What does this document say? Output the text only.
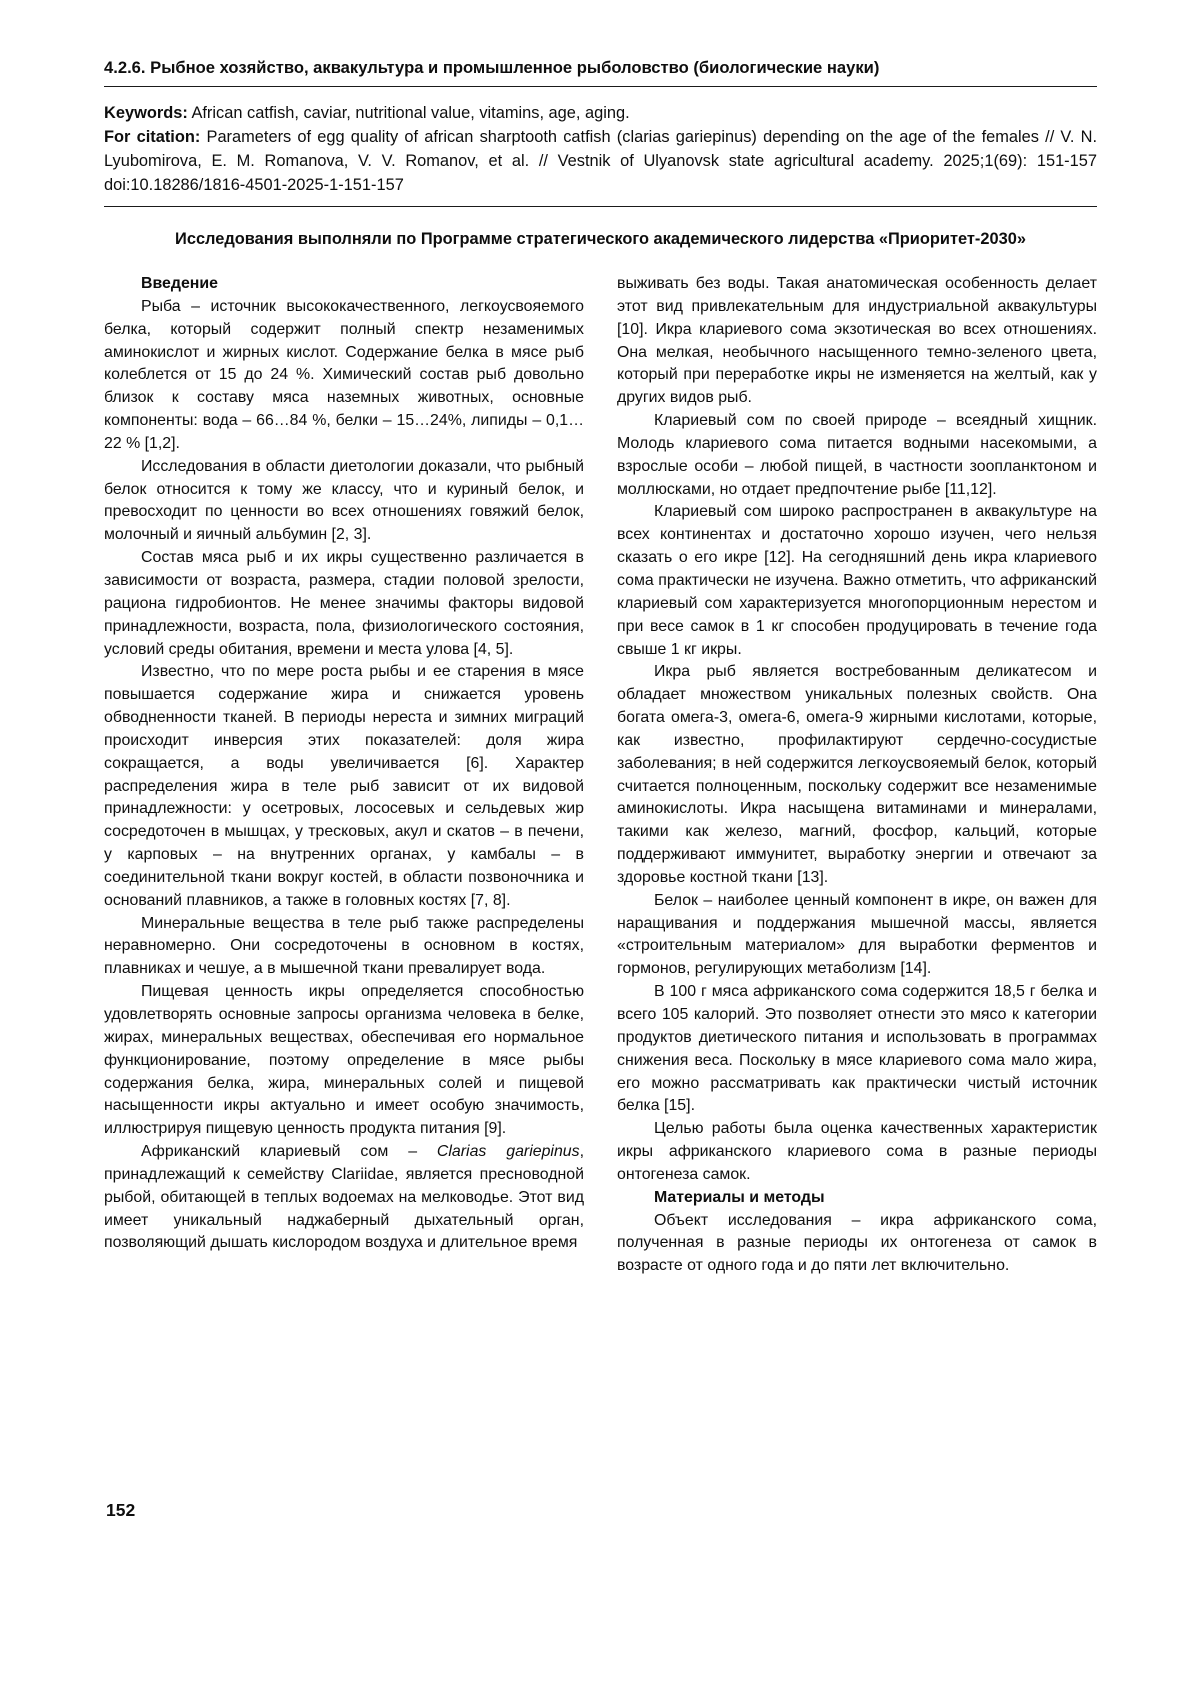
4.2.6. Рыбное хозяйство, аквакультура и промышленное рыболовство (биологические науки)

Keywords: African catfish, caviar, nutritional value, vitamins, age, aging.

For citation: Parameters of egg quality of african sharptooth catfish (clarias gariepinus) depending on the age of the females // V. N. Lyubomirova, E. M. Romanova, V. V. Romanov, et al. // Vestnik of Ulyanovsk state agricultural academy. 2025;1(69): 151-157 doi:10.18286/1816-4501-2025-1-151-157

Исследования выполняли по Программе стратегического академического лидерства «Приоритет-2030»

Введение

Рыба – источник высококачественного, легкоусвояемого белка, который содержит полный спектр незаменимых аминокислот и жирных кислот. Содержание белка в мясе рыб колеблется от 15 до 24 %. Химический состав рыб довольно близок к составу мяса наземных животных, основные компоненты: вода – 66…84 %, белки – 15…24%, липиды – 0,1…22 % [1,2].

Исследования в области диетологии доказали, что рыбный белок относится к тому же классу, что и куриный белок, и превосходит по ценности во всех отношениях говяжий белок, молочный и яичный альбумин [2, 3].

Состав мяса рыб и их икры существенно различается в зависимости от возраста, размера, стадии половой зрелости, рациона гидробионтов. Не менее значимы факторы видовой принадлежности, возраста, пола, физиологического состояния, условий среды обитания, времени и места улова [4, 5].

Известно, что по мере роста рыбы и ее старения в мясе повышается содержание жира и снижается уровень обводненности тканей. В периоды нереста и зимних миграций происходит инверсия этих показателей: доля жира сокращается, а воды увеличивается [6]. Характер распределения жира в теле рыб зависит от их видовой принадлежности: у осетровых, лососевых и сельдевых жир сосредоточен в мышцах, у тресковых, акул и скатов – в печени, у карповых – на внутренних органах, у камбалы – в соединительной ткани вокруг костей, в области позвоночника и оснований плавников, а также в головных костях [7, 8].

Минеральные вещества в теле рыб также распределены неравномерно. Они сосредоточены в основном в костях, плавниках и чешуе, а в мышечной ткани превалирует вода.

Пищевая ценность икры определяется способностью удовлетворять основные запросы организма человека в белке, жирах, минеральных веществах, обеспечивая его нормальное функционирование, поэтому определение в мясе рыбы содержания белка, жира, минеральных солей и пищевой насыщенности икры актуально и имеет особую значимость, иллюстрируя пищевую ценность продукта питания [9].

Африканский клариевый сом – Clarias gariepinus, принадлежащий к семейству Clariidae, является пресноводной рыбой, обитающей в теплых водоемах на мелководье. Этот вид имеет уникальный наджаберный дыхательный орган, позволяющий дышать кислородом воздуха и длительное время

выживать без воды. Такая анатомическая особенность делает этот вид привлекательным для индустриальной аквакультуры [10]. Икра клариевого сома экзотическая во всех отношениях. Она мелкая, необычного насыщенного темно-зеленого цвета, который при переработке икры не изменяется на желтый, как у других видов рыб.

Клариевый сом по своей природе – всеядный хищник. Молодь клариевого сома питается водными насекомыми, а взрослые особи – любой пищей, в частности зоопланктоном и моллюсками, но отдает предпочтение рыбе [11,12].

Клариевый сом широко распространен в аквакультуре на всех континентах и достаточно хорошо изучен, чего нельзя сказать о его икре [12]. На сегодняшний день икра клариевого сома практически не изучена. Важно отметить, что африканский клариевый сом характеризуется многопорционным нерестом и при весе самок в 1 кг способен продуцировать в течение года свыше 1 кг икры.

Икра рыб является востребованным деликатесом и обладает множеством уникальных полезных свойств. Она богата омега-3, омега-6, омега-9 жирными кислотами, которые, как известно, профилактируют сердечно-сосудистые заболевания; в ней содержится легкоусвояемый белок, который считается полноценным, поскольку содержит все незаменимые аминокислоты. Икра насыщена витаминами и минералами, такими как железо, магний, фосфор, кальций, которые поддерживают иммунитет, выработку энергии и отвечают за здоровье костной ткани [13].

Белок – наиболее ценный компонент в икре, он важен для наращивания и поддержания мышечной массы, является «строительным материалом» для выработки ферментов и гормонов, регулирующих метаболизм [14].

В 100 г мяса африканского сома содержится 18,5 г белка и всего 105 калорий. Это позволяет отнести это мясо к категории продуктов диетического питания и использовать в программах снижения веса. Поскольку в мясе клариевого сома мало жира, его можно рассматривать как практически чистый источник белка [15].

Целью работы была оценка качественных характеристик икры африканского клариевого сома в разные периоды онтогенеза самок.

Материалы и методы

Объект исследования – икра африканского сома, полученная в разные периоды их онтогенеза от самок в возрасте от одного года и до пяти лет включительно.

152
